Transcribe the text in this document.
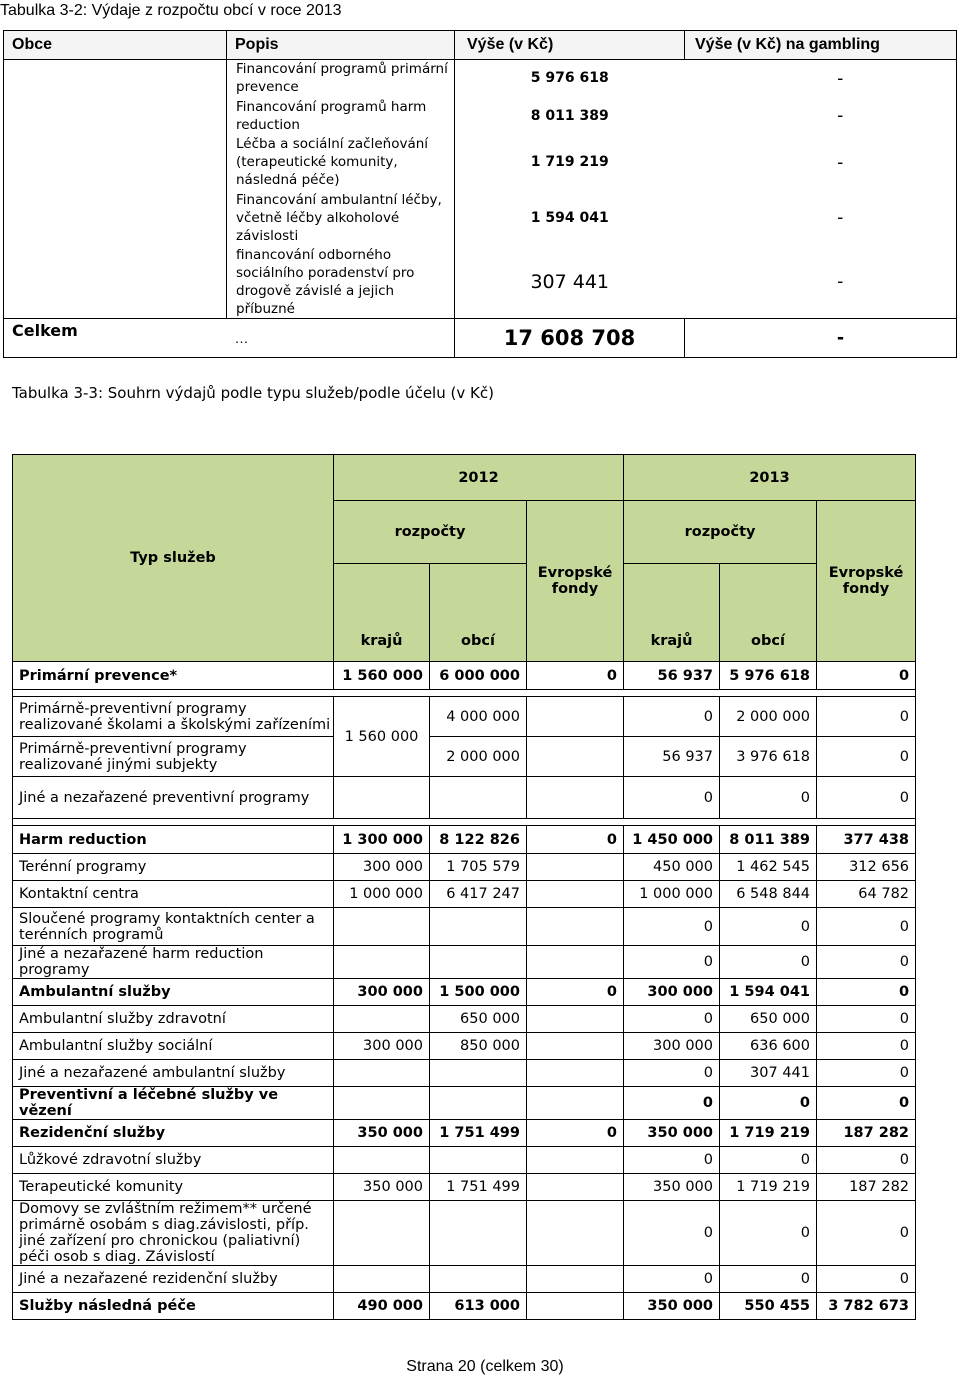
Tabulka 3-2: Výdaje z rozpočtu obcí v roce 2013
Obce	Popis	Výše (v Kč)	Výše (v Kč) na gambling
	Financování programů primární prevence	5 976 618	-
	Financování programů harm reduction	8 011 389	-
	Léčba a sociální začleňování (terapeutické komunity, následná péče)	1 719 219	-
	Financování ambulantní léčby, včetně léčby alkoholové závislosti	1 594 041	-
	financování odborného sociálního poradenství pro drogově závislé a jejich příbuzné	307 441	-
Celkem	…	17 608 708	-
Tabulka 3-3: Souhrn výdajů podle typu služeb/podle účelu (v Kč)
Typ služeb	2012			2013		
	rozpočty		Evropské fondy	rozpočty		Evropské fondy
	krajů	obcí		krajů	obcí	
Primární prevence*	1 560 000	6 000 000	0	56 937	5 976 618	0

Primárně-preventivní programy realizované školami a školskými zařízeními	1 560 000	4 000 000		0	2 000 000	0
Primárně-preventivní programy realizované jinými subjekty		2 000 000		56 937	3 976 618	0
Jiné a nezařazené preventivní programy				0	0	0

Harm reduction	1 300 000	8 122 826	0	1 450 000	8 011 389	377 438
Terénní programy	300 000	1 705 579		450 000	1 462 545	312 656
Kontaktní centra	1 000 000	6 417 247		1 000 000	6 548 844	64 782
Sloučené programy kontaktních center a terénních programů				0	0	0
Jiné a nezařazené harm reduction programy				0	0	0
Ambulantní služby	300 000	1 500 000	0	300 000	1 594 041	0
Ambulantní služby zdravotní		650 000		0	650 000	0
Ambulantní služby sociální	300 000	850 000		300 000	636 600	0
Jiné a nezařazené ambulantní služby				0	307 441	0
Preventivní a léčebné služby ve vězení				0	0	0
Rezidenční služby	350 000	1 751 499	0	350 000	1 719 219	187 282
Lůžkové zdravotní služby				0	0	0
Terapeutické komunity	350 000	1 751 499		350 000	1 719 219	187 282
Domovy se zvláštním režimem** určené primárně osobám s diag.závislosti, příp. jiné zařízení pro chronickou (paliativní) péči osob s diag. Závislostí				0	0	0
Jiné a nezařazené rezidenční služby				0	0	0
Služby následná péče	490 000	613 000		350 000	550 455	3 782 673
Strana 20 (celkem 30)
